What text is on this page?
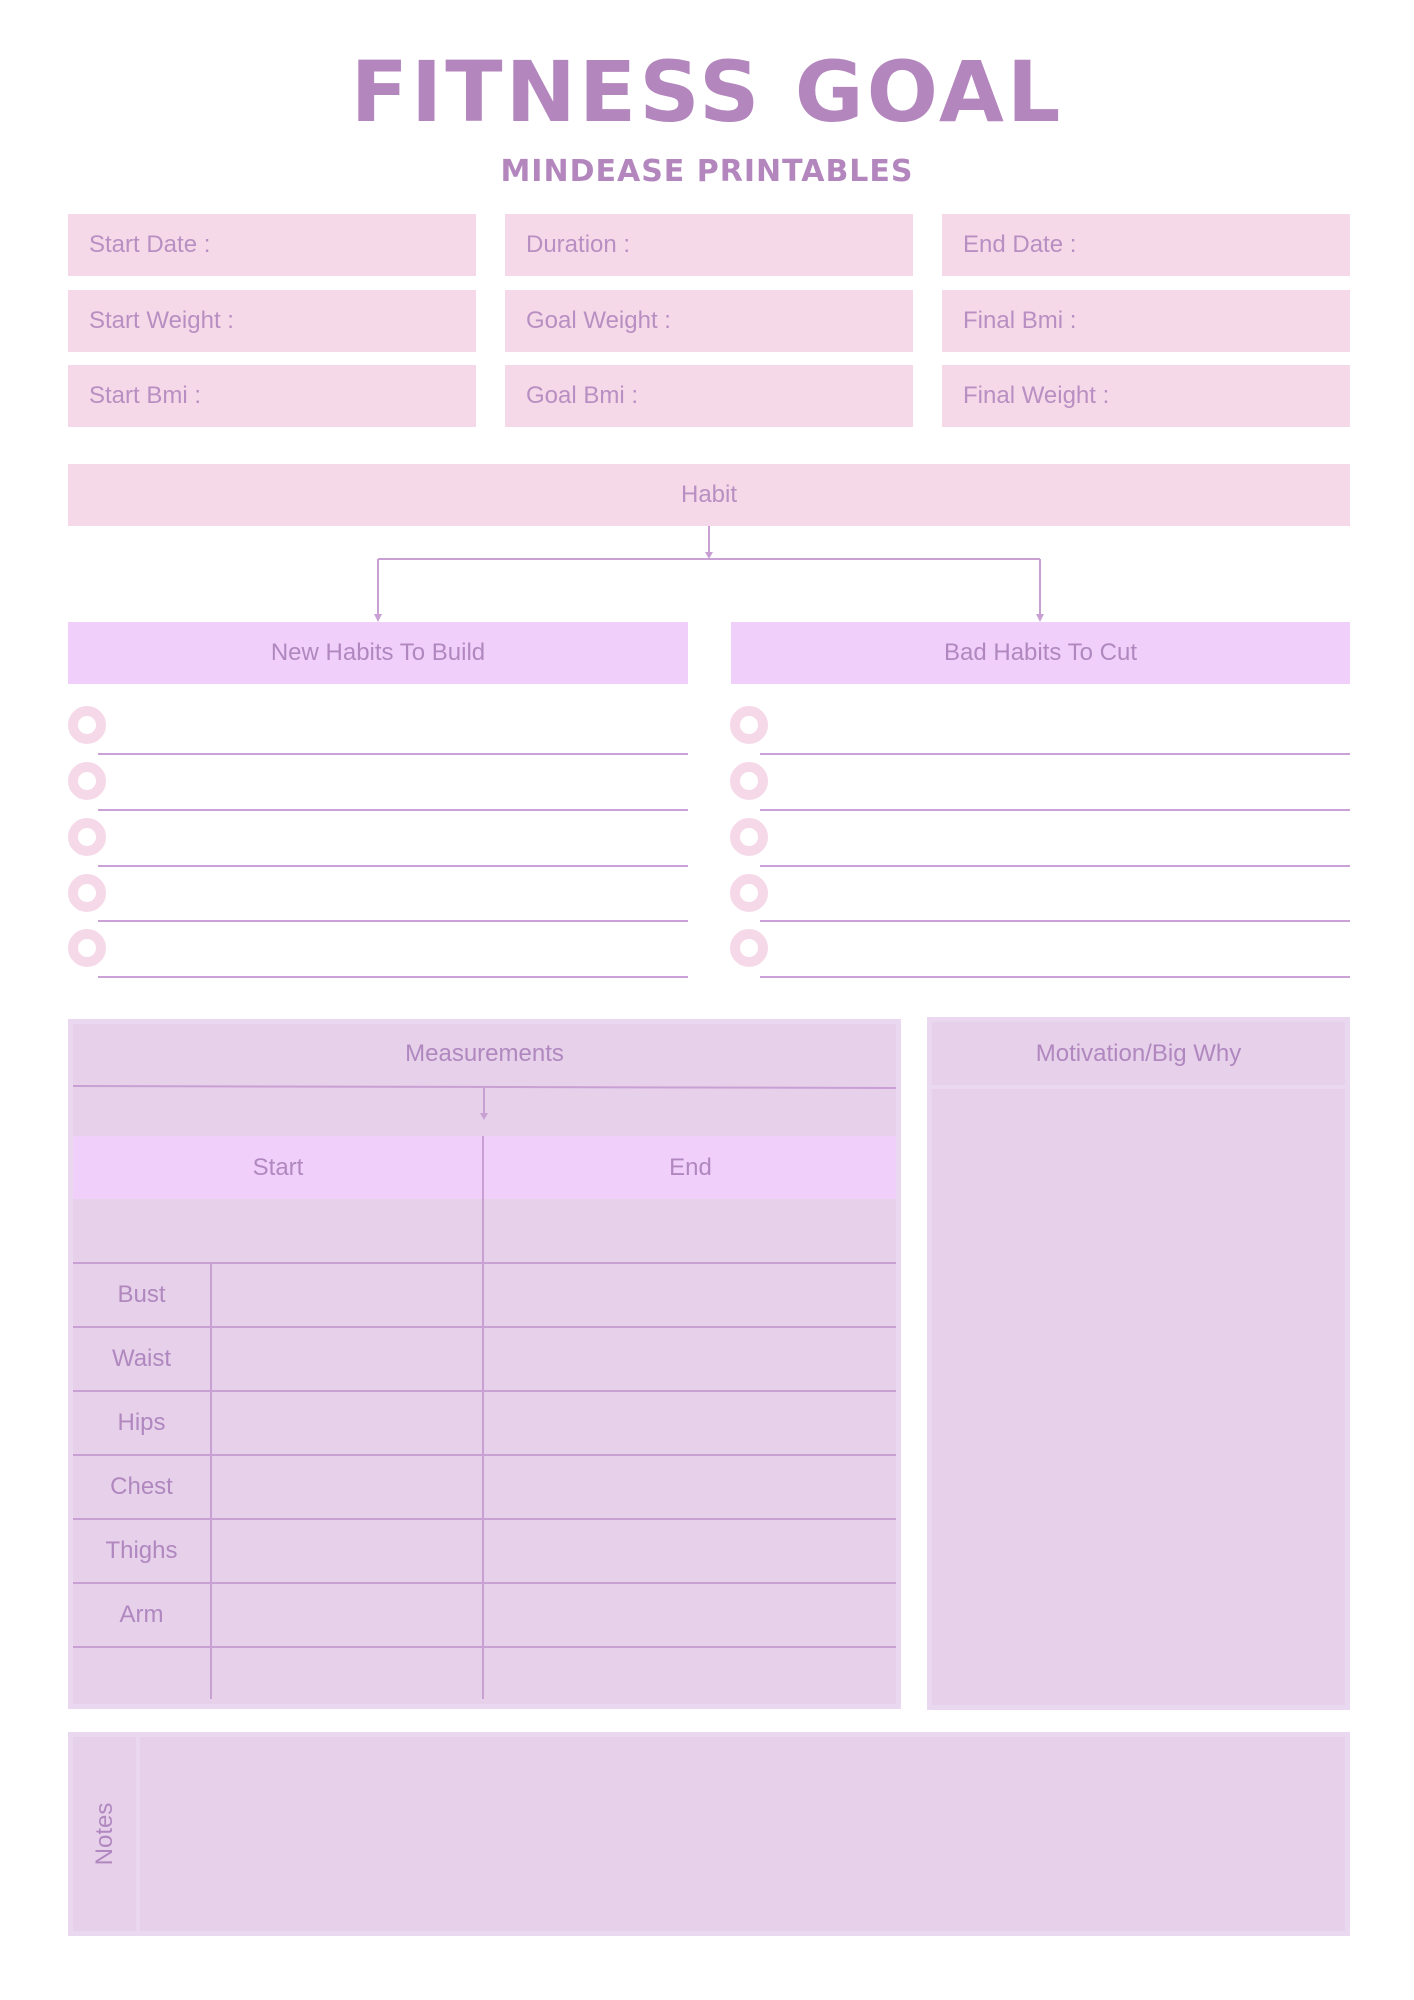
FITNESS GOAL
MINDEASE PRINTABLES
Start Date :	Duration :	End Date :
Start Weight :	Goal Weight :	Final Bmi :
Start Bmi :	Goal Bmi :	Final Weight :
Habit
New Habits To Build	Bad Habits To Cut
Measurements
Start	End
Bust
Waist
Hips
Chest
Thighs
Arm
Motivation/Big Why
Notes
